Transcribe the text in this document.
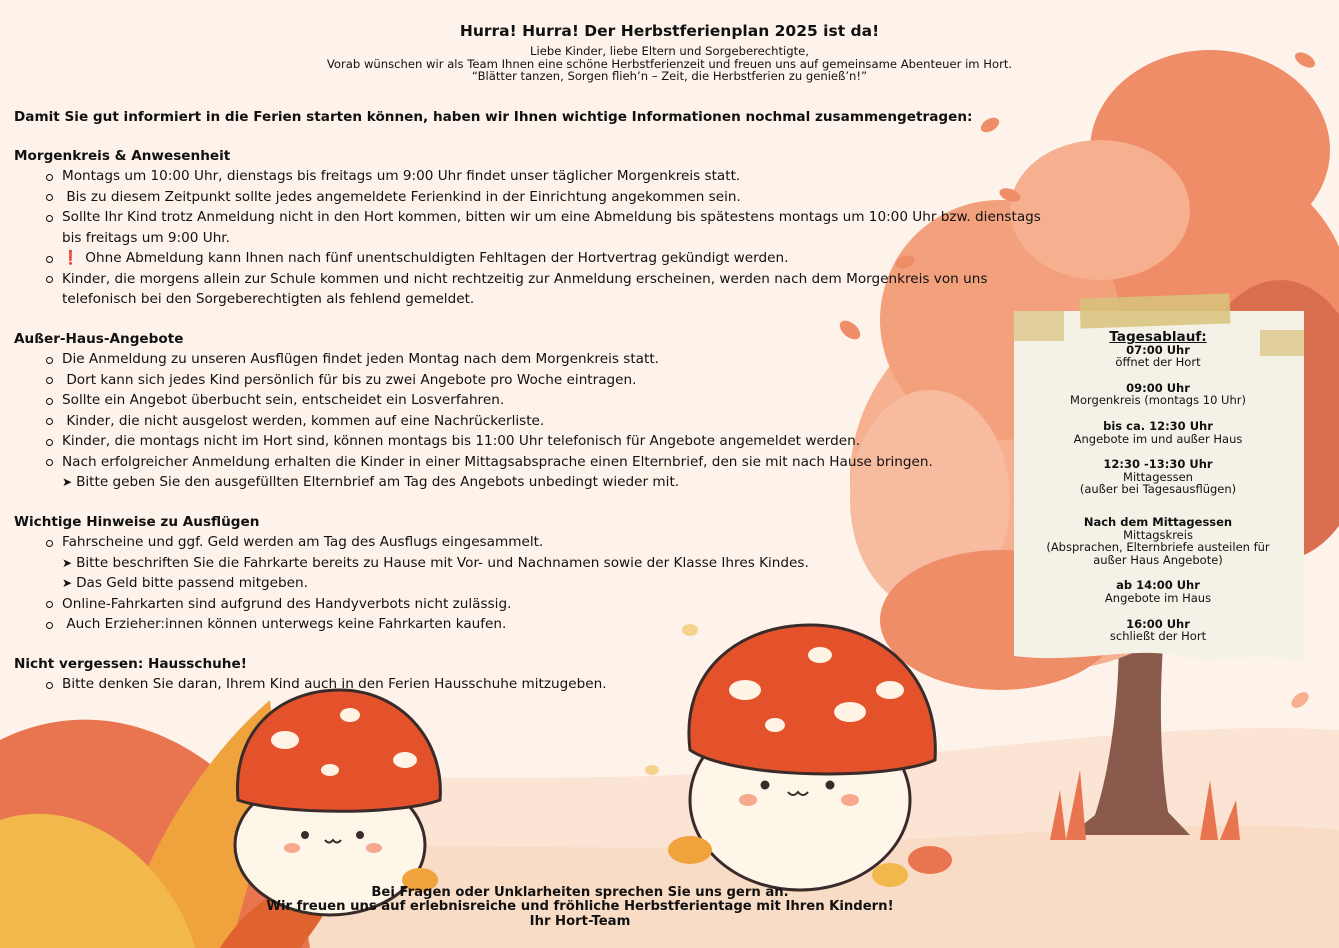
Hurra! Hurra! Der Herbstferienplan 2025 ist da!
Liebe Kinder, liebe Eltern und Sorgeberechtigte,
Vorab wünschen wir als Team Ihnen eine schöne Herbstferienzeit und freuen uns auf gemeinsame Abenteuer im Hort.
“Blätter tanzen, Sorgen flieh’n – Zeit, die Herbstferien zu genieß’n!”
Damit Sie gut informiert in die Ferien starten können, haben wir Ihnen wichtige Informationen nochmal zusammengetragen:
Morgenkreis & Anwesenheit
Montags um 10:00 Uhr, dienstags bis freitags um 9:00 Uhr findet unser täglicher Morgenkreis statt.
Bis zu diesem Zeitpunkt sollte jedes angemeldete Ferienkind in der Einrichtung angekommen sein.
Sollte Ihr Kind trotz Anmeldung nicht in den Hort kommen, bitten wir um eine Abmeldung bis spätestens montags um 10:00 Uhr bzw. dienstags
bis freitags um 9:00 Uhr.
❗ Ohne Abmeldung kann Ihnen nach fünf unentschuldigten Fehltagen der Hortvertrag gekündigt werden.
Kinder, die morgens allein zur Schule kommen und nicht rechtzeitig zur Anmeldung erscheinen, werden nach dem Morgenkreis von uns
telefonisch bei den Sorgeberechtigten als fehlend gemeldet.
Außer-Haus-Angebote
Die Anmeldung zu unseren Ausflügen findet jeden Montag nach dem Morgenkreis statt.
Dort kann sich jedes Kind persönlich für bis zu zwei Angebote pro Woche eintragen.
Sollte ein Angebot überbucht sein, entscheidet ein Losverfahren.
Kinder, die nicht ausgelost werden, kommen auf eine Nachrückerliste.
Kinder, die montags nicht im Hort sind, können montags bis 11:00 Uhr telefonisch für Angebote angemeldet werden.
Nach erfolgreicher Anmeldung erhalten die Kinder in einer Mittagsabsprache einen Elternbrief, den sie mit nach Hause bringen.
➤ Bitte geben Sie den ausgefüllten Elternbrief am Tag des Angebots unbedingt wieder mit.
Wichtige Hinweise zu Ausflügen
Fahrscheine und ggf. Geld werden am Tag des Ausflugs eingesammelt.
➤ Bitte beschriften Sie die Fahrkarte bereits zu Hause mit Vor- und Nachnamen sowie der Klasse Ihres Kindes.
➤ Das Geld bitte passend mitgeben.
Online-Fahrkarten sind aufgrund des Handyverbots nicht zulässig.
Auch Erzieher:innen können unterwegs keine Fahrkarten kaufen.
Nicht vergessen: Hausschuhe!
Bitte denken Sie daran, Ihrem Kind auch in den Ferien Hausschuhe mitzugeben.
Tagesablauf:
07:00 Uhr
öffnet der Hort
09:00 Uhr
Morgenkreis (montags 10 Uhr)
bis ca. 12:30 Uhr
Angebote im und außer Haus
12:30 -13:30 Uhr
Mittagessen
(außer bei Tagesausflügen)
Nach dem Mittagessen
Mittagskreis
(Absprachen, Elternbriefe austeilen für
außer Haus Angebote)
ab 14:00 Uhr
Angebote im Haus
16:00 Uhr
schließt der Hort
Bei Fragen oder Unklarheiten sprechen Sie uns gern an.
Wir freuen uns auf erlebnisreiche und fröhliche Herbstferientage mit Ihren Kindern!
Ihr Hort-Team
